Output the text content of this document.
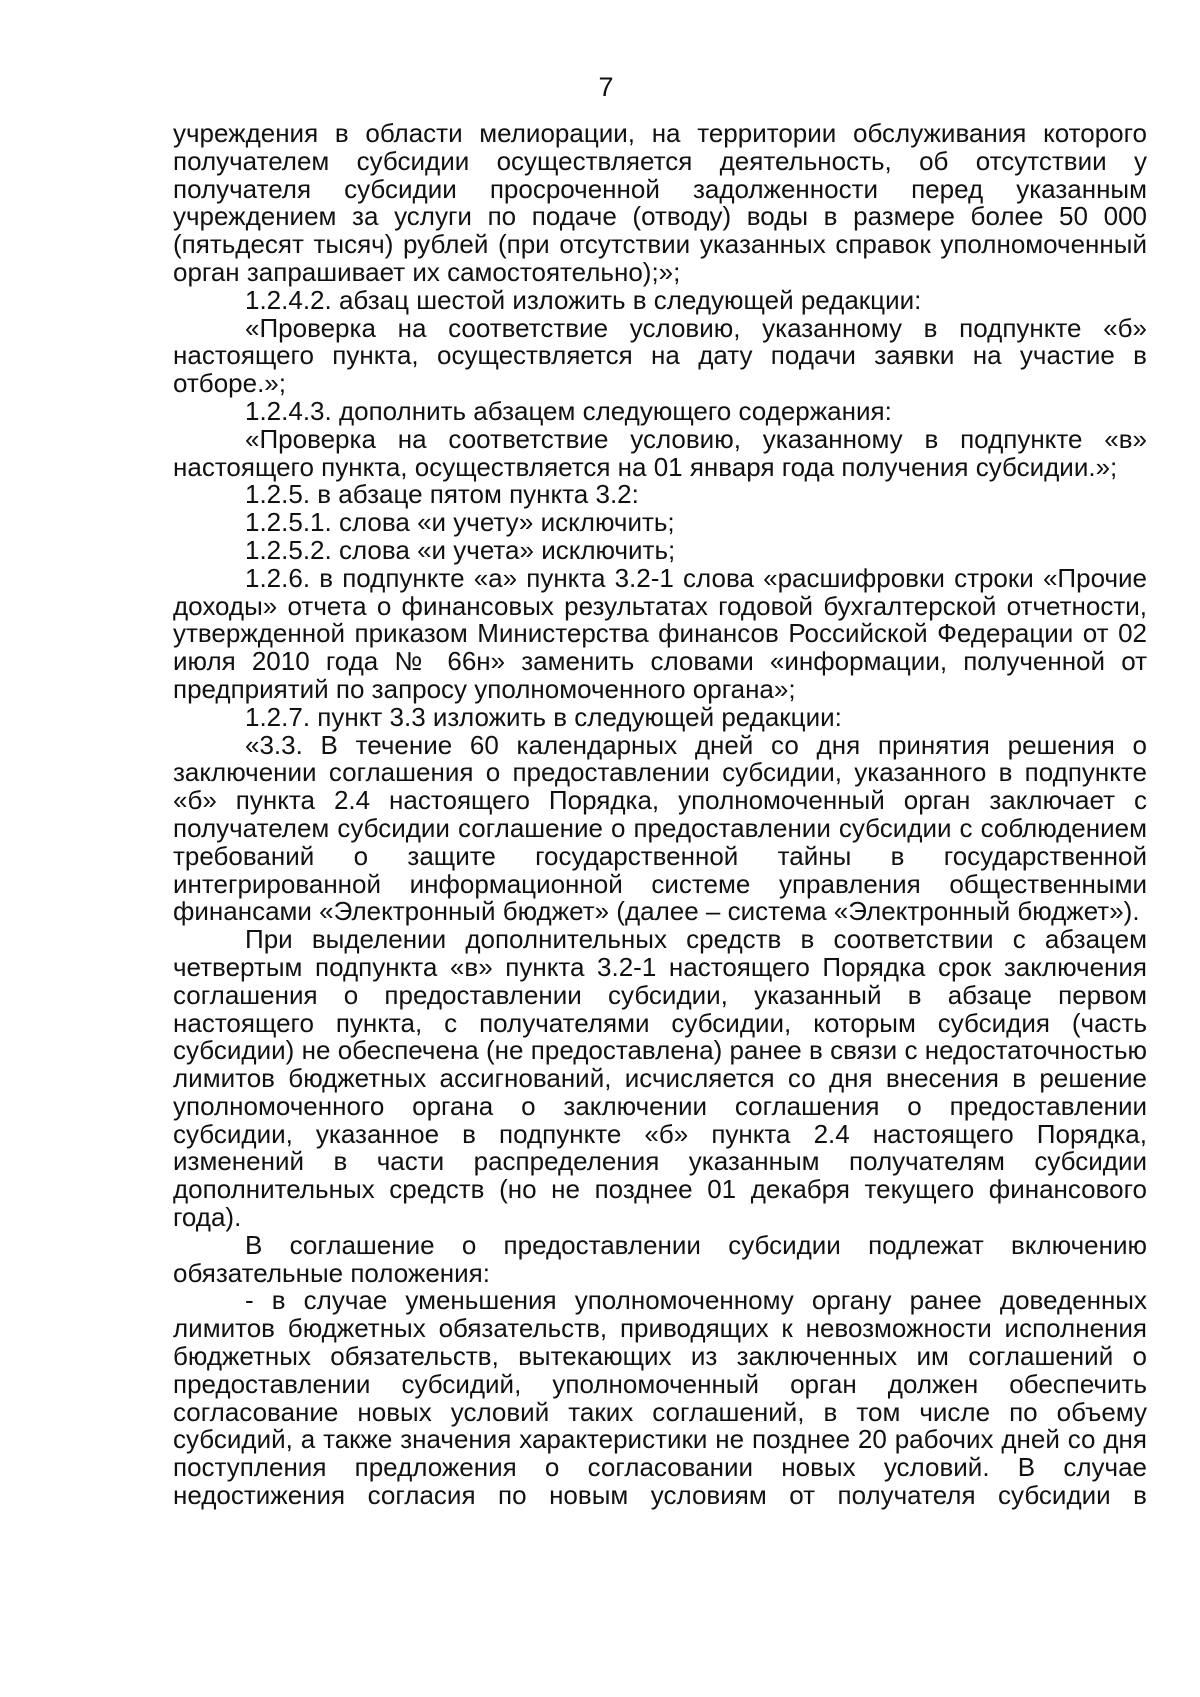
7

учреждения в области мелиорации, на территории обслуживания которого получателем субсидии осуществляется деятельность, об отсутствии у получателя субсидии просроченной задолженности перед указанным учреждением за услуги по подаче (отводу) воды в размере более 50 000 (пятьдесят тысяч) рублей (при отсутствии указанных справок уполномоченный орган запрашивает их самостоятельно);»;

1.2.4.2. абзац шестой изложить в следующей редакции:

«Проверка на соответствие условию, указанному в подпункте «б» настоящего пункта, осуществляется на дату подачи заявки на участие в отборе.»;

1.2.4.3. дополнить абзацем следующего содержания:

«Проверка на соответствие условию, указанному в подпункте «в» настоящего пункта, осуществляется на 01 января года получения субсидии.»;

1.2.5. в абзаце пятом пункта 3.2:

1.2.5.1. слова «и учету» исключить;

1.2.5.2. слова «и учета» исключить;

1.2.6. в подпункте «а» пункта 3.2-1 слова «расшифровки строки «Прочие доходы» отчета о финансовых результатах годовой бухгалтерской отчетности, утвержденной приказом Министерства финансов Российской Федерации от 02 июля 2010 года № 66н» заменить словами «информации, полученной от предприятий по запросу уполномоченного органа»;

1.2.7. пункт 3.3 изложить в следующей редакции:

«3.3. В течение 60 календарных дней со дня принятия решения о заключении соглашения о предоставлении субсидии, указанного в подпункте «б» пункта 2.4 настоящего Порядка, уполномоченный орган заключает с получателем субсидии соглашение о предоставлении субсидии с соблюдением требований о защите государственной тайны в государственной интегрированной информационной системе управления общественными финансами «Электронный бюджет» (далее – система «Электронный бюджет»).

При выделении дополнительных средств в соответствии с абзацем четвертым подпункта «в» пункта 3.2-1 настоящего Порядка срок заключения соглашения о предоставлении субсидии, указанный в абзаце первом настоящего пункта, с получателями субсидии, которым субсидия (часть субсидии) не обеспечена (не предоставлена) ранее в связи с недостаточностью лимитов бюджетных ассигнований, исчисляется со дня внесения в решение уполномоченного органа о заключении соглашения о предоставлении субсидии, указанное в подпункте «б» пункта 2.4 настоящего Порядка, изменений в части распределения указанным получателям субсидии дополнительных средств (но не позднее 01 декабря текущего финансового года).

В соглашение о предоставлении субсидии подлежат включению обязательные положения:

- в случае уменьшения уполномоченному органу ранее доведенных лимитов бюджетных обязательств, приводящих к невозможности исполнения бюджетных обязательств, вытекающих из заключенных им соглашений о предоставлении субсидий, уполномоченный орган должен обеспечить согласование новых условий таких соглашений, в том числе по объему субсидий, а также значения характеристики не позднее 20 рабочих дней со дня поступления предложения о согласовании новых условий. В случае недостижения согласия по новым условиям от получателя субсидии в
